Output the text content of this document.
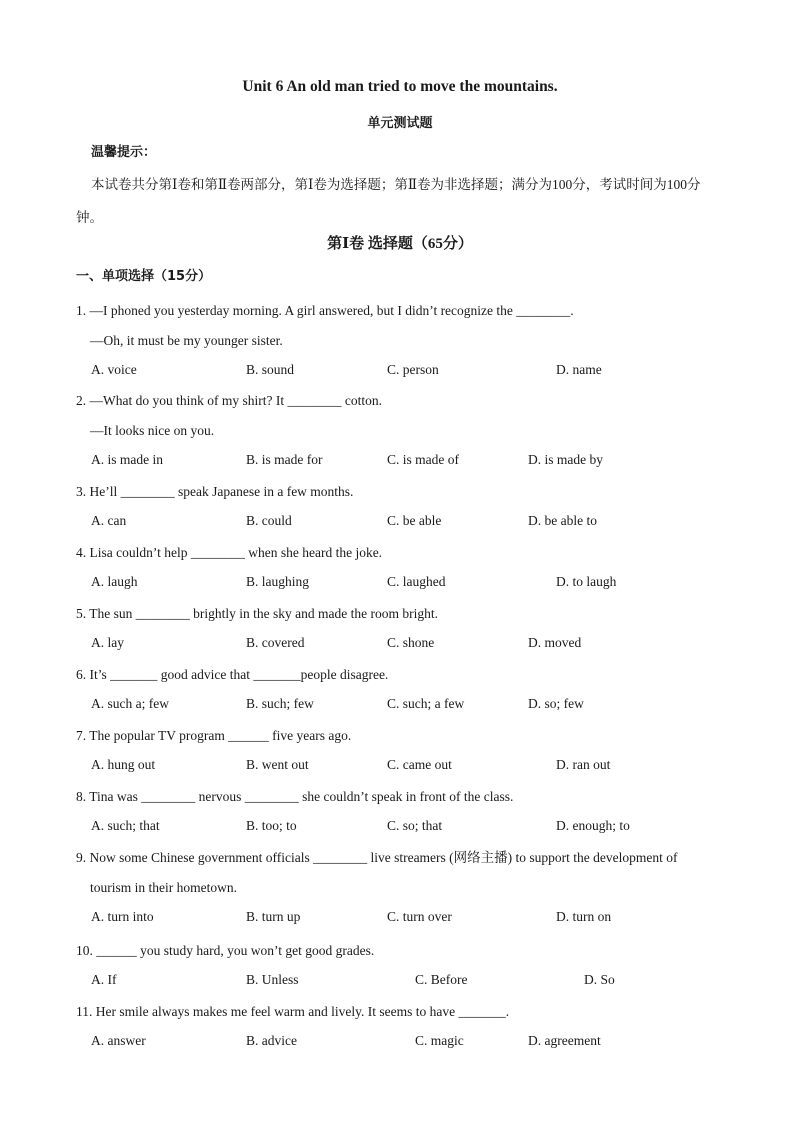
Unit 6 An old man tried to move the mountains.
单元测试题
温馨提示：
本试卷共分第Ⅰ卷和第Ⅱ卷两部分，第Ⅰ卷为选择题；第Ⅱ卷为非选择题；满分为100分，考试时间为100分钟。
第Ⅰ卷 选择题（65分）
一、单项选择（15分）
1. —I phoned you yesterday morning. A girl answered, but I didn’t recognize the ________.
—Oh, it must be my younger sister.
A. voice	B. sound	C. person	D. name
2. —What do you think of my shirt? It ________ cotton.
—It looks nice on you.
A. is made in	B. is made for	C. is made of	D. is made by
3. He’ll ________ speak Japanese in a few months.
A. can	B. could	C. be able	D. be able to
4. Lisa couldn’t help ________ when she heard the joke.
A. laugh	B. laughing	C. laughed	D. to laugh
5. The sun ________ brightly in the sky and made the room bright.
A. lay	B. covered	C. shone	D. moved
6. It’s _______ good advice that _______people disagree.
A. such a; few	B. such; few	C. such; a few	D. so; few
7. The popular TV program ______ five years ago.
A. hung out	B. went out	C. came out	D. ran out
8. Tina was ________ nervous ________ she couldn’t speak in front of the class.
A. such; that	B. too; to	C. so; that	D. enough; to
9. Now some Chinese government officials ________ live streamers (网络主播) to support the development of
tourism in their hometown.
A. turn into	B. turn up	C. turn over	D. turn on
10. ______ you study hard, you won’t get good grades.
A. If	B. Unless	C. Before	D. So
11. Her smile always makes me feel warm and lively. It seems to have _______.
A. answer	B. advice	C. magic	D. agreement
